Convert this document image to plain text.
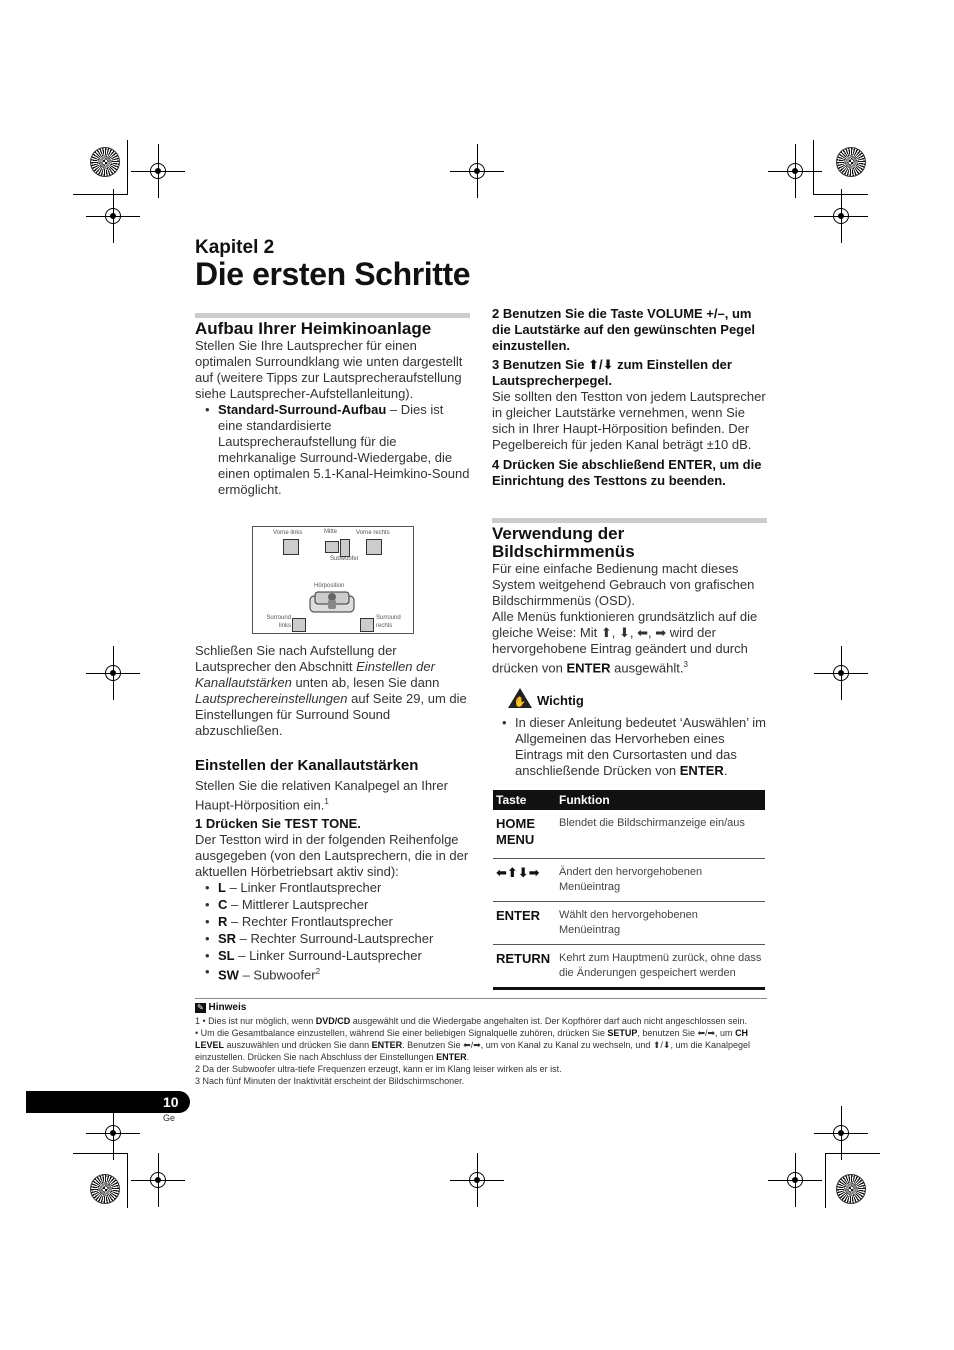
Kapitel 2
Die ersten Schritte
Aufbau Ihrer Heimkinoanlage

Stellen Sie Ihre Lautsprecher für einen optimalen Surroundklang wie unten dargestellt auf (weitere Tipps zur Lautsprecheraufstellung siehe Lautsprecher-Aufstellanleitung).

• Standard-Surround-Aufbau – Dies ist eine standardisierte Lautsprecheraufstellung für die mehrkanalige Surround-Wiedergabe, die einen optimalen 5.1-Kanal-Heimkino-Sound ermöglicht.
Vorne links	Mitte	Vorne rechts
Subwoofer
Hörposition
Surround links
Surround rechts

Schließen Sie nach Aufstellung der Lautsprecher den Abschnitt Einstellen der Kanallautstärken unten ab, lesen Sie dann Lautsprechereinstellungen auf Seite 29, um die Einstellungen für Surround Sound abzuschließen.

Einstellen der Kanallautstärken

Stellen Sie die relativen Kanalpegel an Ihrer Haupt-Hörposition ein.$^1$

1 Drücken Sie TEST TONE.

Der Testton wird in der folgenden Reihenfolge ausgegeben (von den Lautsprechern, die in der aktuellen Hörbetriebsart aktiv sind):

• L – Linker Frontlautsprecher
• C – Mittlerer Lautsprecher
• R – Rechter Frontlautsprecher
• SR – Rechter Surround-Lautsprecher
• SL – Linker Surround-Lautsprecher
• SW – Subwoofer$^2$
2 Benutzen Sie die Taste VOLUME +/–, um die Lautstärke auf den gewünschten Pegel einzustellen.
3 Benutzen Sie ⬆/⬇ zum Einstellen der Lautsprecherpegel.

Sie sollten den Testton von jedem Lautsprecher in gleicher Lautstärke vernehmen, wenn Sie sich in Ihrer Haupt-Hörposition befinden. Der Pegelbereich für jeden Kanal beträgt ±10 dB.

4 Drücken Sie abschließend ENTER, um die Einrichtung des Testtons zu beenden.
Verwendung der Bildschirmmenüs

Für eine einfache Bedienung macht dieses System weitgehend Gebrauch von grafischen Bildschirmmenüs (OSD).

Alle Menüs funktionieren grundsätzlich auf die gleiche Weise: Mit ⬆, ⬇, ⬅, ➡ wird der hervorgehobene Eintrag geändert und durch drücken von ENTER ausgewählt.$^3$

✋ Wichtig
• In dieser Anleitung bedeutet ‘Auswählen’ im Allgemeinen das Hervorheben eines Eintrags mit den Cursortasten und das anschließende Drücken von ENTER.
Taste	Funktion
HOME MENU	Blendet die Bildschirmanzeige ein/aus
⬅⬆⬇➡	Ändert den hervorgehobenen Menüeintrag
ENTER	Wählt den hervorgehobenen Menüeintrag
RETURN	Kehrt zum Hauptmenü zurück, ohne dass die Änderungen gespeichert werden
✎ Hinweis
1 • Dies ist nur möglich, wenn DVD/CD ausgewählt und die Wiedergabe angehalten ist. Der Kopfhörer darf auch nicht angeschlossen sein.
• Um die Gesamtbalance einzustellen, während Sie einer beliebigen Signalquelle zuhören, drücken Sie SETUP, benutzen Sie ⬅/➡, um CH LEVEL auszuwählen und drücken Sie dann ENTER. Benutzen Sie ⬅/➡, um von Kanal zu Kanal zu wechseln, und ⬆/⬇, um die Kanalpegel einzustellen. Drücken Sie nach Abschluss der Einstellungen ENTER.
2 Da der Subwoofer ultra-tiefe Frequenzen erzeugt, kann er im Klang leiser wirken als er ist.
3 Nach fünf Minuten der Inaktivität erscheint der Bildschirmschoner.
10
Ge
